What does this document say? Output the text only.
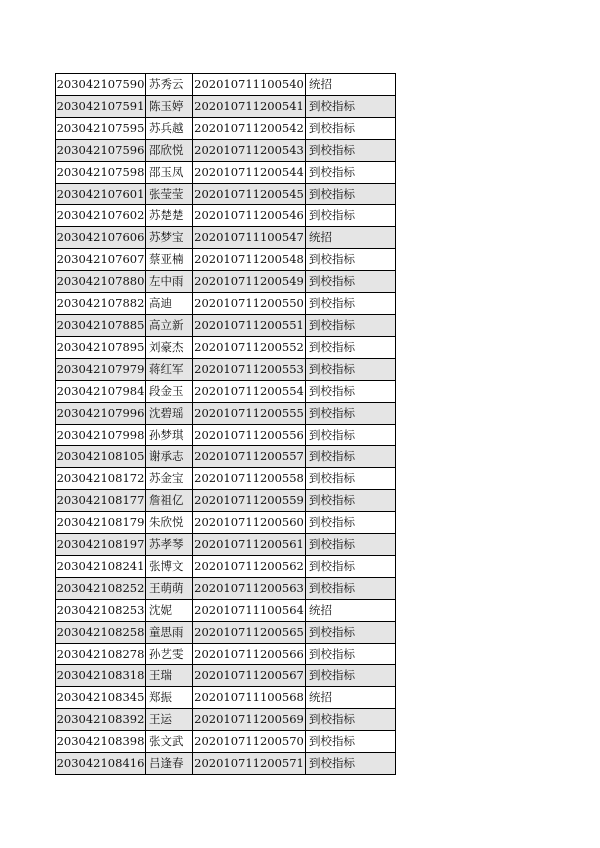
203042107590	苏秀云	202010711100540	统招
203042107591	陈玉婷	202010711200541	到校指标
203042107595	苏兵越	202010711200542	到校指标
203042107596	邵欣悦	202010711200543	到校指标
203042107598	邵玉凤	202010711200544	到校指标
203042107601	张莹莹	202010711200545	到校指标
203042107602	苏楚楚	202010711200546	到校指标
203042107606	苏梦宝	202010711100547	统招
203042107607	蔡亚楠	202010711200548	到校指标
203042107880	左中雨	202010711200549	到校指标
203042107882	高迪	202010711200550	到校指标
203042107885	高立新	202010711200551	到校指标
203042107895	刘豪杰	202010711200552	到校指标
203042107979	蒋红军	202010711200553	到校指标
203042107984	段金玉	202010711200554	到校指标
203042107996	沈碧瑶	202010711200555	到校指标
203042107998	孙梦琪	202010711200556	到校指标
203042108105	谢承志	202010711200557	到校指标
203042108172	苏金宝	202010711200558	到校指标
203042108177	詹祖亿	202010711200559	到校指标
203042108179	朱欣悦	202010711200560	到校指标
203042108197	苏孝琴	202010711200561	到校指标
203042108241	张博文	202010711200562	到校指标
203042108252	王萌萌	202010711200563	到校指标
203042108253	沈妮	202010711100564	统招
203042108258	童思雨	202010711200565	到校指标
203042108278	孙艺雯	202010711200566	到校指标
203042108318	王瑞	202010711200567	到校指标
203042108345	郑振	202010711100568	统招
203042108392	王运	202010711200569	到校指标
203042108398	张文武	202010711200570	到校指标
203042108416	吕逢春	202010711200571	到校指标
